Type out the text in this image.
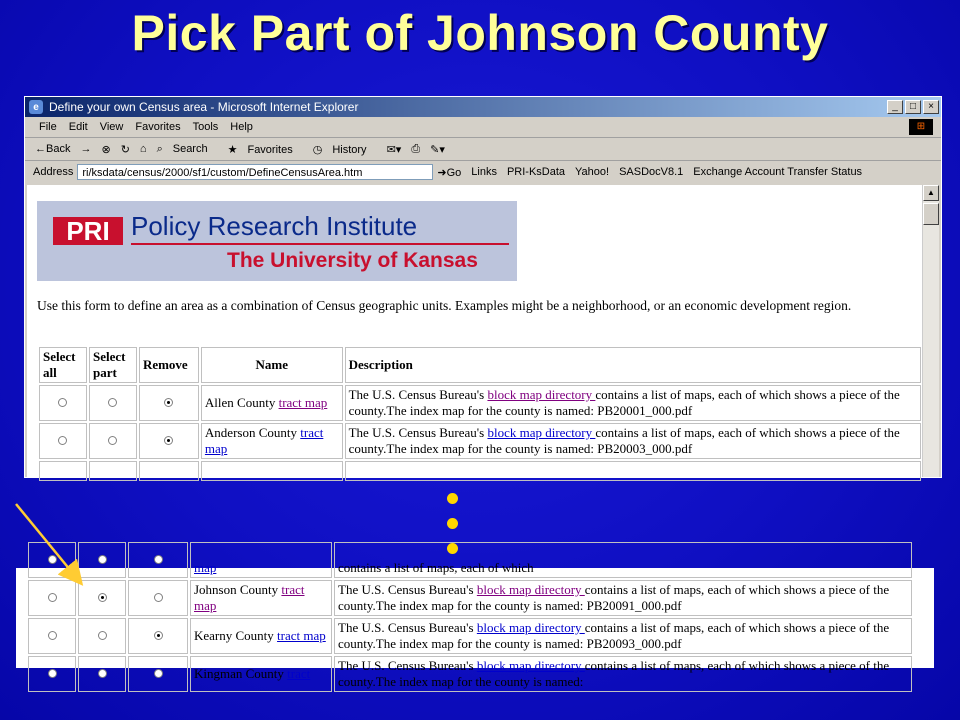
Pick Part of Johnson County
e Define your own Census area - Microsoft Internet Explorer	_	□	×
File Edit View Favorites Tools Help	⊞
←Back → ⊗ ↻ ⌂ ⌕ Search	★ Favorites	◷ History	✉▾ ⎙ ✎▾
Address ri/ksdata/census/2000/sf1/custom/DefineCensusArea.htm	➜Go Links PRI-KsData Yahoo! SASDocV8.1 Exchange Account Transfer Status
PRI Policy Research Institute
The University of Kansas
Use this form to define an area as a combination of Census geographic units. Examples might be a neighborhood, or an economic development region.
Select all	Select part	Remove	Name	Description
			Allen County tract map	The U.S. Census Bureau's block map directory contains a list of maps, each of which shows a piece of the county.The index map for the county is named: PB20001_000.pdf
			Anderson County tract map	The U.S. Census Bureau's block map directory contains a list of maps, each of which shows a piece of the county.The index map for the county is named: PB20003_000.pdf

▲

map	contains a list of maps, each of which
			Johnson County tract map	The U.S. Census Bureau's block map directory contains a list of maps, each of which shows a piece of the county.The index map for the county is named: PB20091_000.pdf
			Kearny County tract map	The U.S. Census Bureau's block map directory contains a list of maps, each of which shows a piece of the county.The index map for the county is named: PB20093_000.pdf
			Kingman County tract	The U.S. Census Bureau's block map directory contains a list of maps, each of which shows a piece of the county.The index map for the county is named:
